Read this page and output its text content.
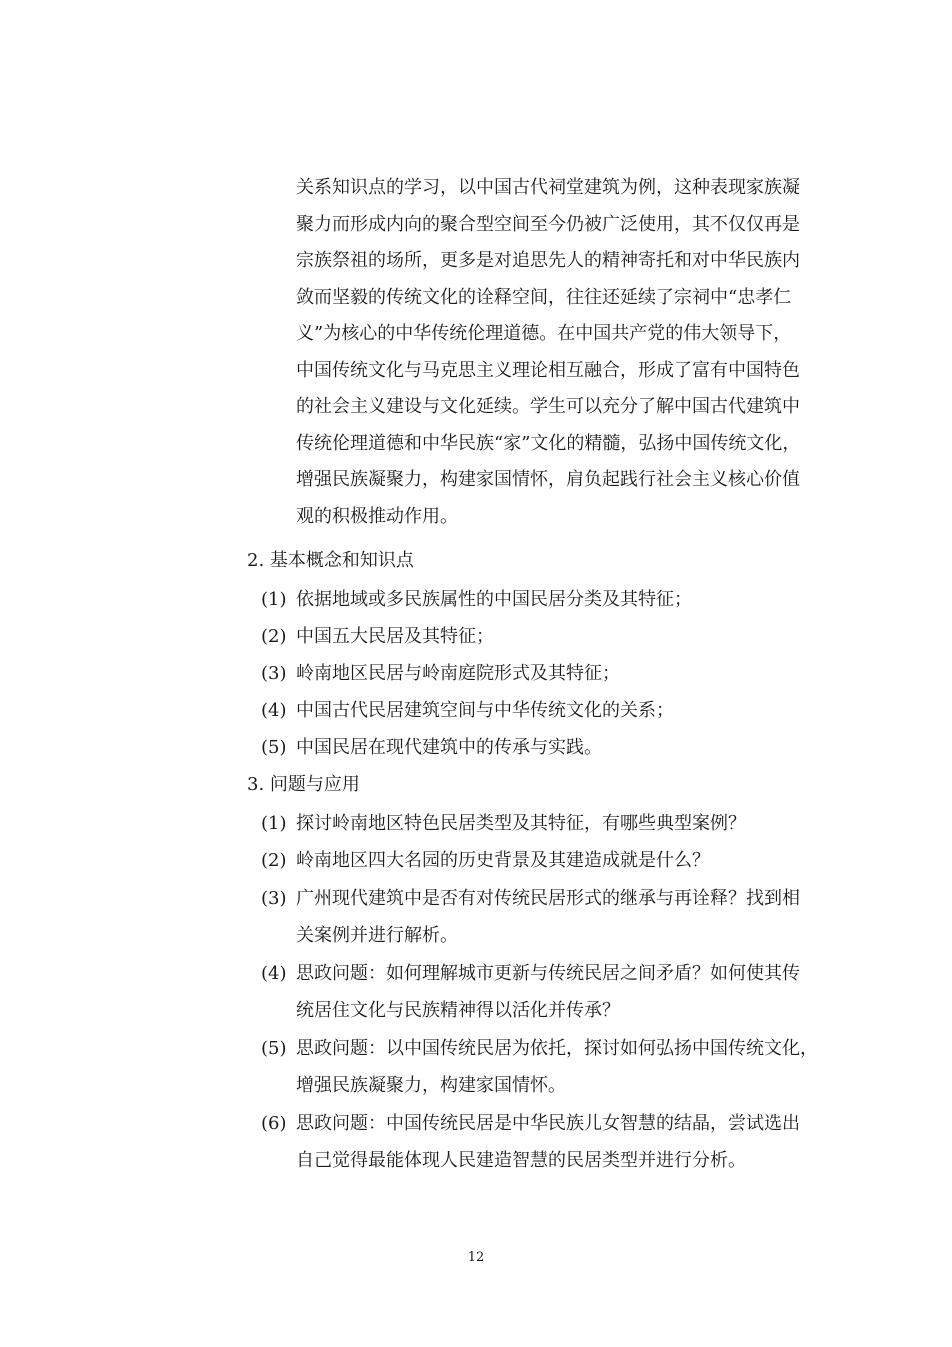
关系知识点的学习，以中国古代祠堂建筑为例，这种表现家族凝
聚力而形成内向的聚合型空间至今仍被广泛使用，其不仅仅再是
宗族祭祖的场所，更多是对追思先人的精神寄托和对中华民族内
敛而坚毅的传统文化的诠释空间，往往还延续了宗祠中“忠孝仁
义”为核心的中华传统伦理道德。在中国共产党的伟大领导下，
中国传统文化与马克思主义理论相互融合，形成了富有中国特色
的社会主义建设与文化延续。学生可以充分了解中国古代建筑中
传统伦理道德和中华民族“家”文化的精髓，弘扬中国传统文化，
增强民族凝聚力，构建家国情怀，肩负起践行社会主义核心价值
观的积极推动作用。

2. 基本概念和知识点

(1) 依据地域或多民族属性的中国民居分类及其特征；
(2) 中国五大民居及其特征；
(3) 岭南地区民居与岭南庭院形式及其特征；
(4) 中国古代民居建筑空间与中华传统文化的关系；
(5) 中国民居在现代建筑中的传承与实践。

3. 问题与应用

(1) 探讨岭南地区特色民居类型及其特征，有哪些典型案例？
(2) 岭南地区四大名园的历史背景及其建造成就是什么？
(3) 广州现代建筑中是否有对传统民居形式的继承与再诠释？找到相
关案例并进行解析。
(4) 思政问题：如何理解城市更新与传统民居之间矛盾？如何使其传
统居住文化与民族精神得以活化并传承？
(5) 思政问题：以中国传统民居为依托，探讨如何弘扬中国传统文化，
增强民族凝聚力，构建家国情怀。
(6) 思政问题：中国传统民居是中华民族儿女智慧的结晶，尝试选出
自己觉得最能体现人民建造智慧的民居类型并进行分析。

12
